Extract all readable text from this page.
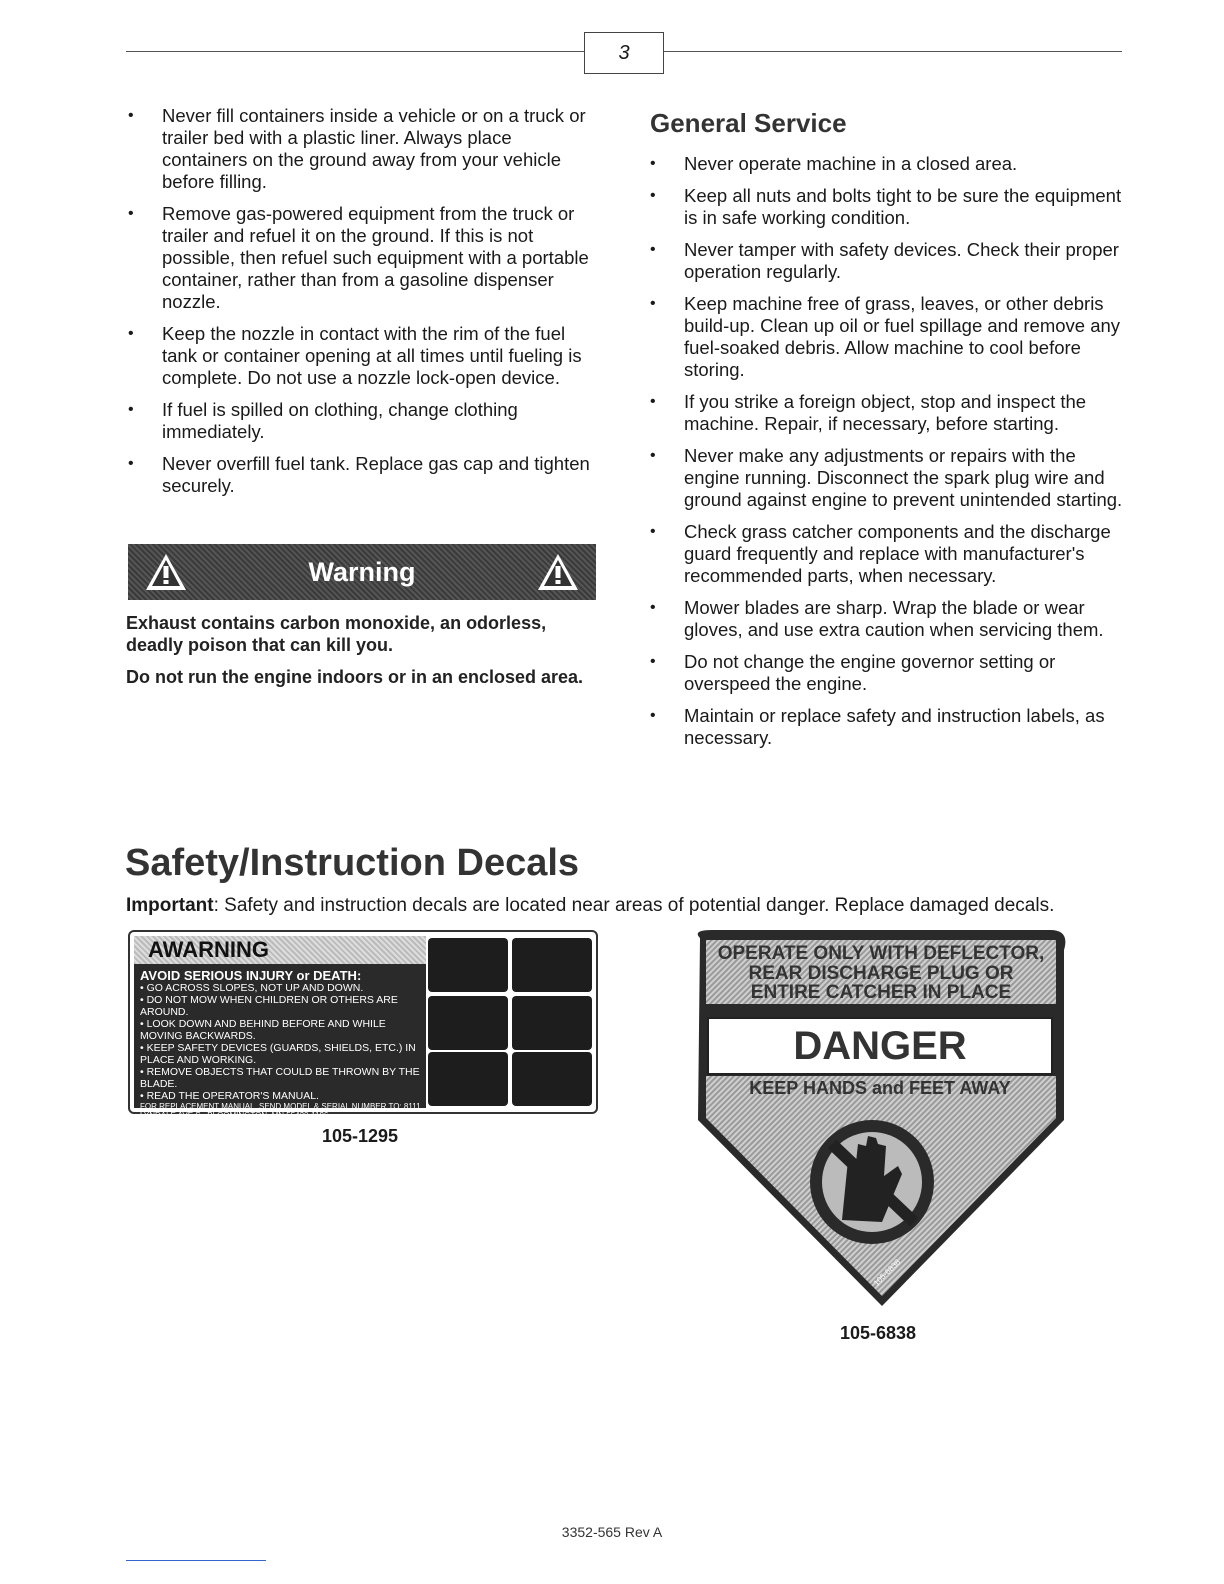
3
• Never fill containers inside a vehicle or on a truck or trailer bed with a plastic liner. Always place containers on the ground away from your vehicle before filling.
• Remove gas-powered equipment from the truck or trailer and refuel it on the ground. If this is not possible, then refuel such equipment with a portable container, rather than from a gasoline dispenser nozzle.
• Keep the nozzle in contact with the rim of the fuel tank or container opening at all times until fueling is complete. Do not use a nozzle lock-open device.
• If fuel is spilled on clothing, change clothing immediately.
• Never overfill fuel tank. Replace gas cap and tighten securely.
Warning

Exhaust contains carbon monoxide, an odorless, deadly poison that can kill you.

Do not run the engine indoors or in an enclosed area.

General Service
• Never operate machine in a closed area.
• Keep all nuts and bolts tight to be sure the equipment is in safe working condition.
• Never tamper with safety devices. Check their proper operation regularly.
• Keep machine free of grass, leaves, or other debris build-up. Clean up oil or fuel spillage and remove any fuel-soaked debris. Allow machine to cool before storing.
• If you strike a foreign object, stop and inspect the machine. Repair, if necessary, before starting.
• Never make any adjustments or repairs with the engine running. Disconnect the spark plug wire and ground against engine to prevent unintended starting.
• Check grass catcher components and the discharge guard frequently and replace with manufacturer's recommended parts, when necessary.
• Mower blades are sharp. Wrap the blade or wear gloves, and use extra caution when servicing them.
• Do not change the engine governor setting or overspeed the engine.
• Maintain or replace safety and instruction labels, as necessary.
Safety/Instruction Decals

Important: Safety and instruction decals are located near areas of potential danger. Replace damaged decals.

AWARNING
AVOID SERIOUS INJURY or DEATH:
• GO ACROSS SLOPES, NOT UP AND DOWN.
• DO NOT MOW WHEN CHILDREN OR OTHERS ARE AROUND.
• LOOK DOWN AND BEHIND BEFORE AND WHILE MOVING BACKWARDS.
• KEEP SAFETY DEVICES (GUARDS, SHIELDS, ETC.) IN PLACE AND WORKING.
• REMOVE OBJECTS THAT COULD BE THROWN BY THE BLADE.
• READ THE OPERATOR'S MANUAL.
FOR REPLACEMENT MANUAL, SEND MODEL & SERIAL NUMBER TO: 8111 LYNDALE AVE.S., BLOOMINGTON, MN 55420-1196
105-1295
OPERATE ONLY WITH DEFLECTOR,
REAR DISCHARGE PLUG OR
ENTIRE CATCHER IN PLACE
DANGER
KEEP HANDS and FEET AWAY
105-6838
105-6838
3352-565 Rev A
